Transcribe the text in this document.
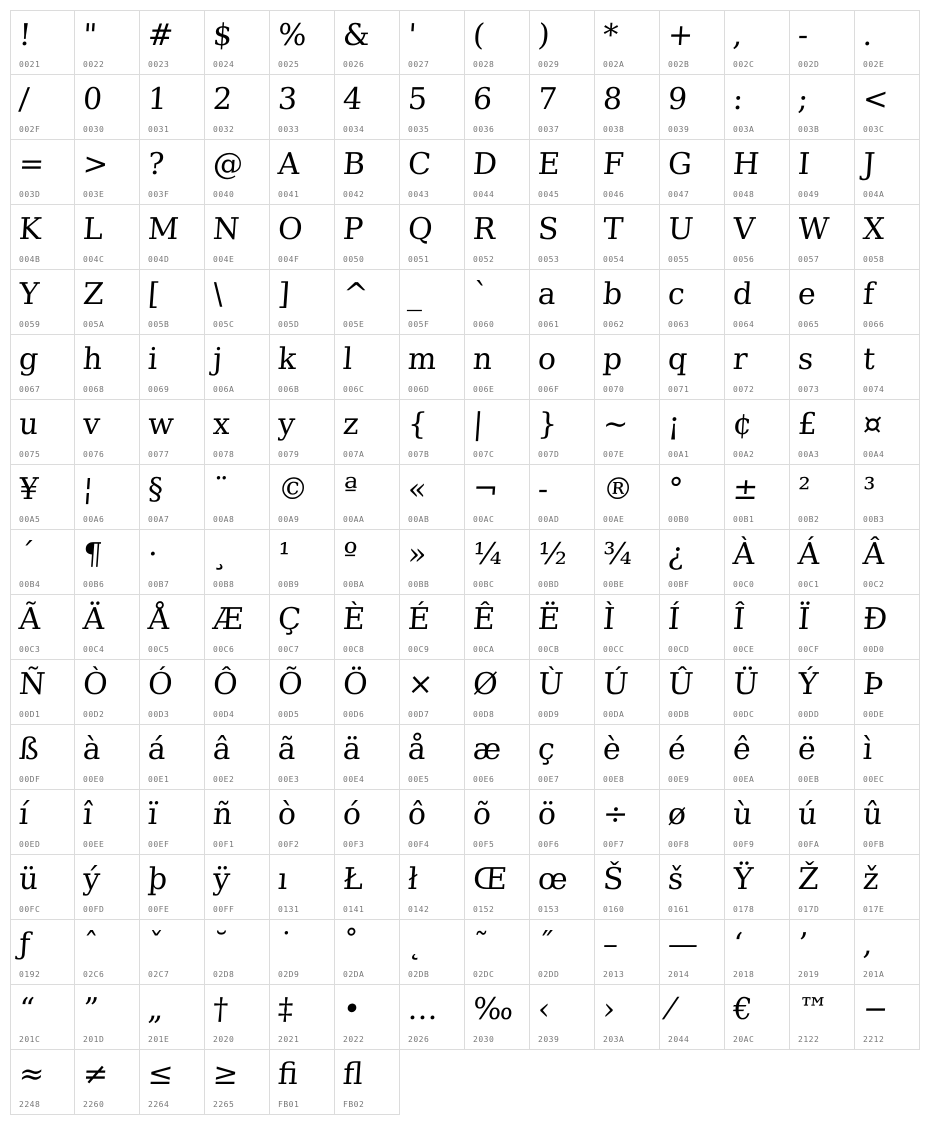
!
0021
"
0022
#
0023
$
0024
%
0025
&
0026
'
0027
(
0028
)
0029
*
002A
+
002B
,
002C
-
002D
.
002E
/
002F
0
0030
1
0031
2
0032
3
0033
4
0034
5
0035
6
0036
7
0037
8
0038
9
0039
:
003A
;
003B
<
003C
=
003D
>
003E
?
003F
@
0040
A
0041
B
0042
C
0043
D
0044
E
0045
F
0046
G
0047
H
0048
I
0049
J
004A
K
004B
L
004C
M
004D
N
004E
O
004F
P
0050
Q
0051
R
0052
S
0053
T
0054
U
0055
V
0056
W
0057
X
0058
Y
0059
Z
005A
[
005B
\
005C
]
005D
^
005E
_
005F
`
0060
a
0061
b
0062
c
0063
d
0064
e
0065
f
0066
g
0067
h
0068
i
0069
j
006A
k
006B
l
006C
m
006D
n
006E
o
006F
p
0070
q
0071
r
0072
s
0073
t
0074
u
0075
v
0076
w
0077
x
0078
y
0079
z
007A
{
007B
|
007C
}
007D
~
007E
¡
00A1
¢
00A2
£
00A3
¤
00A4
¥
00A5
¦
00A6
§
00A7
¨
00A8
©
00A9
ª
00AA
«
00AB
¬
00AC
-
00AD
®
00AE
°
00B0
±
00B1
²
00B2
³
00B3
´
00B4
¶
00B6
·
00B7
¸
00B8
¹
00B9
º
00BA
»
00BB
¼
00BC
½
00BD
¾
00BE
¿
00BF
À
00C0
Á
00C1
Â
00C2
Ã
00C3
Ä
00C4
Å
00C5
Æ
00C6
Ç
00C7
È
00C8
É
00C9
Ê
00CA
Ë
00CB
Ì
00CC
Í
00CD
Î
00CE
Ï
00CF
Ð
00D0
Ñ
00D1
Ò
00D2
Ó
00D3
Ô
00D4
Õ
00D5
Ö
00D6
×
00D7
Ø
00D8
Ù
00D9
Ú
00DA
Û
00DB
Ü
00DC
Ý
00DD
Þ
00DE
ß
00DF
à
00E0
á
00E1
â
00E2
ã
00E3
ä
00E4
å
00E5
æ
00E6
ç
00E7
è
00E8
é
00E9
ê
00EA
ë
00EB
ì
00EC
í
00ED
î
00EE
ï
00EF
ñ
00F1
ò
00F2
ó
00F3
ô
00F4
õ
00F5
ö
00F6
÷
00F7
ø
00F8
ù
00F9
ú
00FA
û
00FB
ü
00FC
ý
00FD
þ
00FE
ÿ
00FF
ı
0131
Ł
0141
ł
0142
Œ
0152
œ
0153
Š
0160
š
0161
Ÿ
0178
Ž
017D
ž
017E
ƒ
0192
ˆ
02C6
ˇ
02C7
˘
02D8
˙
02D9
˚
02DA
˛
02DB
˜
02DC
˝
02DD
–
2013
—
2014
‘
2018
’
2019
‚
201A
“
201C
”
201D
„
201E
†
2020
‡
2021
•
2022
…
2026
‰
2030
‹
2039
›
203A
⁄
2044
€
20AC
™
2122
−
2212
≈
2248
≠
2260
≤
2264
≥
2265
ﬁ
FB01
ﬂ
FB02
